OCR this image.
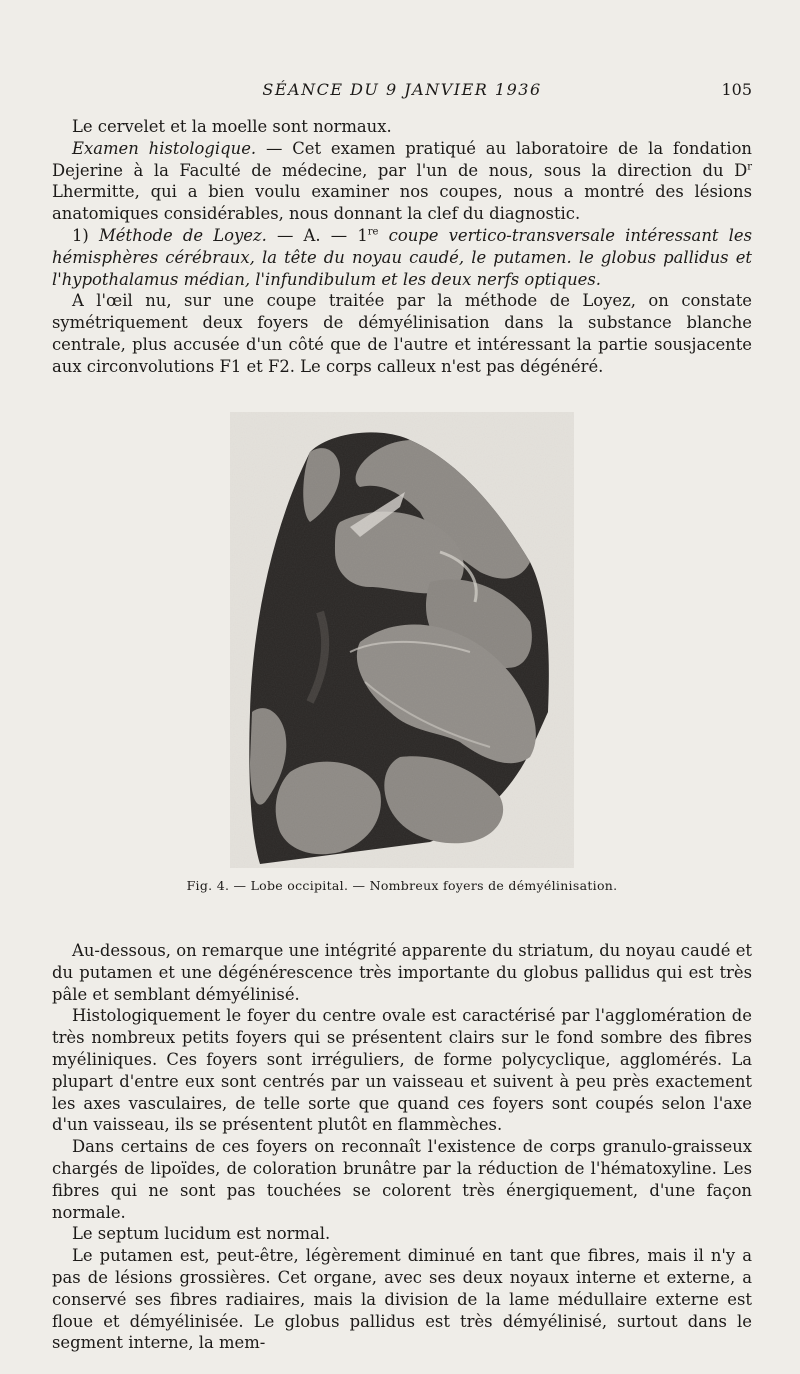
SÉANCE DU 9 JANVIER 1936	105

Le cervelet et la moelle sont normaux.

Examen histologique. — Cet examen pratiqué au laboratoire de la fondation Dejerine à la Faculté de médecine, par l'un de nous, sous la direction du $D^r$ Lhermitte, qui a bien voulu examiner nos coupes, nous a montré des lésions anatomiques considérables, nous donnant la clef du diagnostic.

1) Méthode de Loyez. — A. — 1re coupe vertico-transversale intéressant les hémisphères cérébraux, la tête du noyau caudé, le putamen. le globus pallidus et l'hypothalamus médian, l'infundibulum et les deux nerfs optiques.

A l'œil nu, sur une coupe traitée par la méthode de Loyez, on constate symétriquement deux foyers de démyélinisation dans la substance blanche centrale, plus accusée d'un côté que de l'autre et intéressant la partie sousjacente aux circonvolutions F1 et F2. Le corps calleux n'est pas dégénéré.

Fig. 4. — Lobe occipital. — Nombreux foyers de démyélinisation.

Au-dessous, on remarque une intégrité apparente du striatum, du noyau caudé et du putamen et une dégénérescence très importante du globus pallidus qui est très pâle et semblant démyélinisé.

Histologiquement le foyer du centre ovale est caractérisé par l'agglomération de très nombreux petits foyers qui se présentent clairs sur le fond sombre des fibres myéliniques. Ces foyers sont irréguliers, de forme polycyclique, agglomérés. La plupart d'entre eux sont centrés par un vaisseau et suivent à peu près exactement les axes vasculaires, de telle sorte que quand ces foyers sont coupés selon l'axe d'un vaisseau, ils se présentent plutôt en flammèches.

Dans certains de ces foyers on reconnaît l'existence de corps granulo-graisseux chargés de lipoïdes, de coloration brunâtre par la réduction de l'hématoxyline. Les fibres qui ne sont pas touchées se colorent très énergiquement, d'une façon normale.

Le septum lucidum est normal.

Le putamen est, peut-être, légèrement diminué en tant que fibres, mais il n'y a pas de lésions grossières. Cet organe, avec ses deux noyaux interne et externe, a conservé ses fibres radiaires, mais la division de la lame médullaire externe est floue et démyélinisée. Le globus pallidus est très démyélinisé, surtout dans le segment interne, la mem-
